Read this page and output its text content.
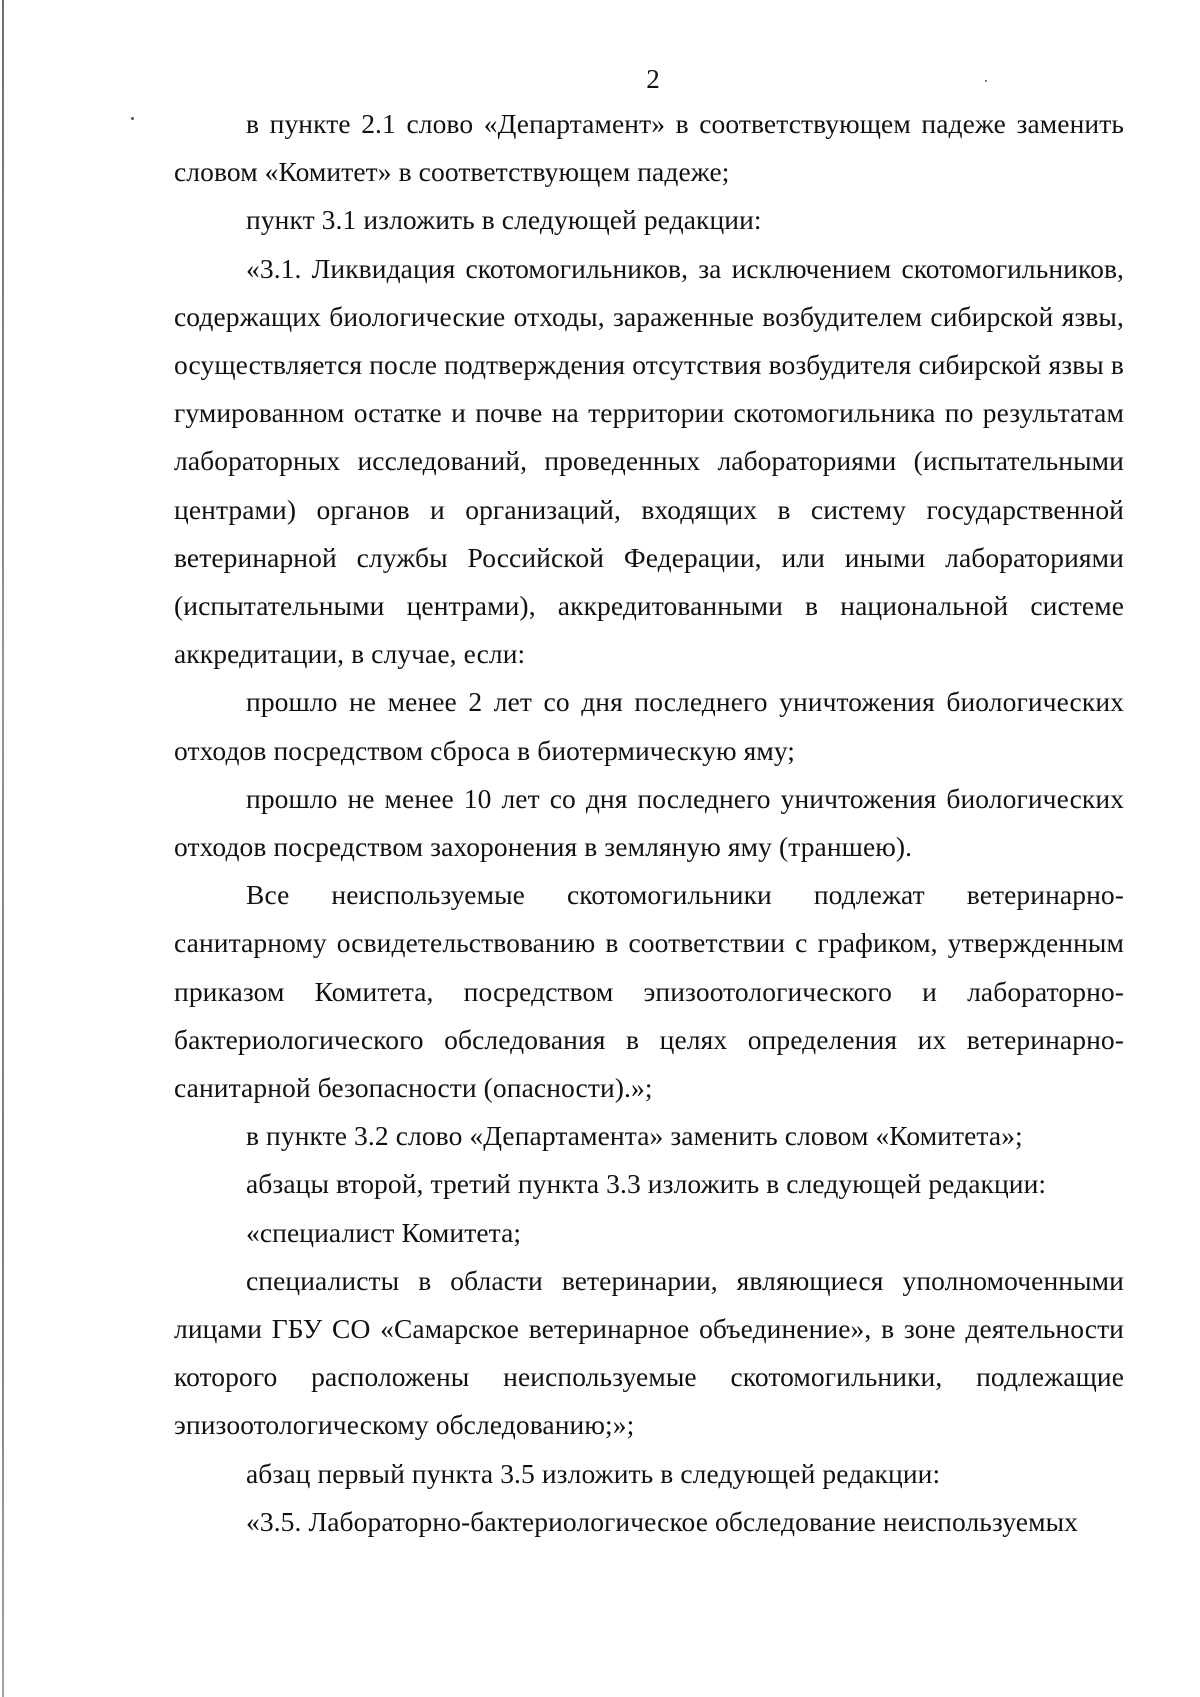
2

в пункте 2.1 слово «Департамент» в соответствующем падеже заменить словом «Комитет» в соответствующем падеже;

пункт 3.1 изложить в следующей редакции:

«3.1. Ликвидация скотомогильников, за исключением скотомогильников, содержащих биологические отходы, зараженные возбудителем сибирской язвы, осуществляется после подтверждения отсутствия возбудителя сибирской язвы в гумированном остатке и почве на территории скотомогильника по результатам лабораторных исследований, проведенных лабораториями (испытательными центрами) органов и организаций, входящих в систему государственной ветеринарной службы Российской Федерации, или иными лабораториями (испытательными центрами), аккредитованными в национальной системе аккредитации, в случае, если:

прошло не менее 2 лет со дня последнего уничтожения биологических отходов посредством сброса в биотермическую яму;

прошло не менее 10 лет со дня последнего уничтожения биологических отходов посредством захоронения в земляную яму (траншею).

Все неиспользуемые скотомогильники подлежат ветеринарно-санитарному освидетельствованию в соответствии с графиком, утвержденным приказом Комитета, посредством эпизоотологического и лабораторно-бактериологического обследования в целях определения их ветеринарно-санитарной безопасности (опасности).»;

в пункте 3.2 слово «Департамента» заменить словом «Комитета»;

абзацы второй, третий пункта 3.3 изложить в следующей редакции:

«специалист Комитета;

специалисты в области ветеринарии, являющиеся уполномоченными лицами ГБУ СО «Самарское ветеринарное объединение», в зоне деятельности которого расположены неиспользуемые скотомогильники, подлежащие эпизоотологическому обследованию;»;

абзац первый пункта 3.5 изложить в следующей редакции:

«3.5. Лабораторно-бактериологическое обследование неиспользуемых
